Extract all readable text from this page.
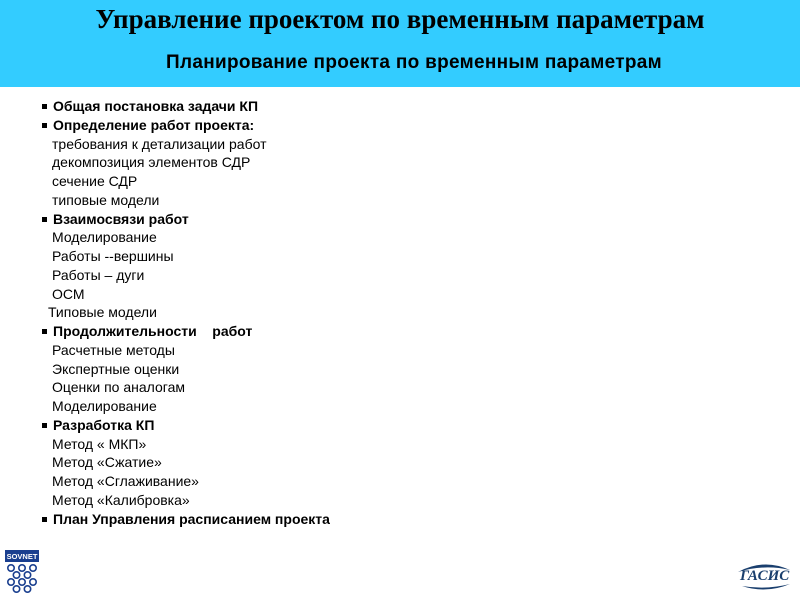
Управление проектом по временным параметрам
Планирование проекта по временным параметрам
Общая постановка задачи КП
Определение работ проекта:
требования к детализации работ
декомпозиция элементов СДР
сечение СДР
типовые модели
Взаимосвязи работ
Моделирование
Работы --вершины
Работы – дуги
ОСМ
Типовые модели
Продолжительности    работ
Расчетные методы
Экспертные оценки
Оценки по аналогам
Моделирование
Разработка КП
Метод « МКП»
Метод «Сжатие»
Метод «Сглаживание»
Метод «Калибровка»
План Управления расписанием проекта
SOVNET
ГАСИС
